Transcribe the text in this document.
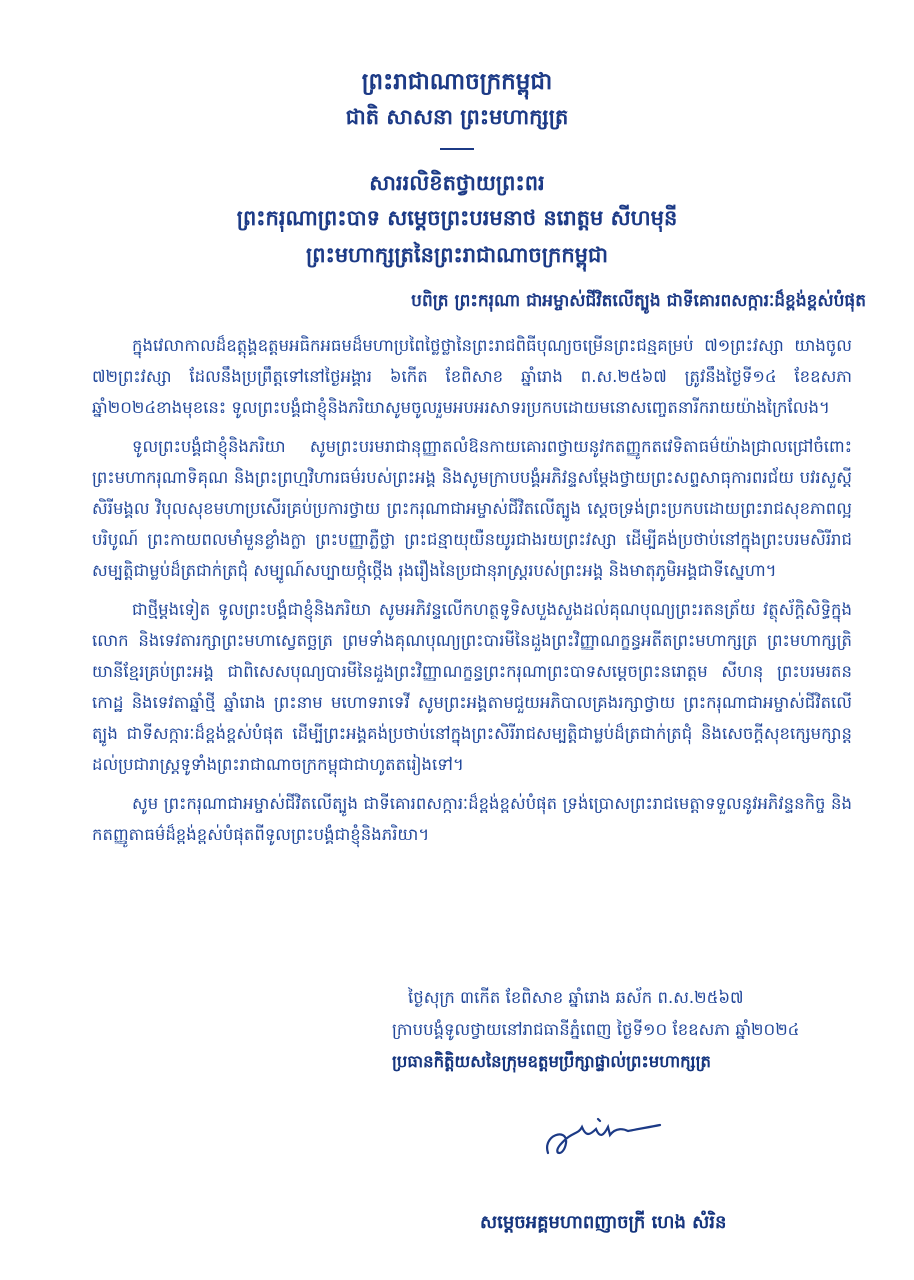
ព្រះរាជាណាចក្រកម្ពុជា
ជាតិ សាសនា ព្រះមហាក្សត្រ
សាររលិខិតថ្វាយព្រះពរ
ព្រះករុណាព្រះបាទ សម្ដេចព្រះបរមនាថ នរោត្តម សីហមុនី
ព្រះមហាក្សត្រនៃព្រះរាជាណាចក្រកម្ពុជា
បពិត្រ ព្រះករុណា ជាអម្ចាស់ជីវិតលើត្បូង ជាទីគោរពសក្ការៈដ៏ខ្ពង់ខ្ពស់បំផុត

ក្នុងវេលាកាលដ៏ឧត្ដុង្គឧត្ដមអធិកអធមដ៏មហាប្រពៃថ្លៃថ្លានៃព្រះរាជពិធីបុណ្យចម្រើនព្រះជន្មគម្រប់ ៧១ព្រះវស្សា យាងចូល ៧២ព្រះវស្សា ដែលនឹងប្រព្រឹត្តទៅនៅថ្ងៃអង្គារ ៦កើត ខែពិសាខ ឆ្នាំរោង ព.ស.២៥៦៧ ត្រូវនឹងថ្ងៃទី១៤ ខែឧសភា ឆ្នាំ២០២៤ខាងមុខនេះ ទូលព្រះបង្គំជាខ្ញុំនិងភរិយាសូមចូលរួមអបអរសាទរប្រកបដោយមនោសញ្ចេតនារីករាយយ៉ាងក្រៃលែង។

ទូលព្រះបង្គំជាខ្ញុំនិងភរិយា សូមព្រះបរមរាជានុញ្ញាតលំឱនកាយគោរពថ្វាយនូវកតញ្ញូកតវេទិតាធម៌យ៉ាងជ្រាលជ្រៅចំពោះព្រះមហាករុណាទិគុណ និងព្រះព្រហ្មវិហារធម៌របស់ព្រះអង្គ និងសូមក្រាបបង្គំអភិវន្ទសម្ដែងថ្វាយព្រះសព្ទសាធុការពរជ័យ បវរសួស្ដី សិរីមង្គល វិបុលសុខមហាប្រសើរគ្រប់ប្រការថ្វាយ ព្រះករុណាជាអម្ចាស់ជីវិតលើត្បូង ស្ដេចទ្រង់ព្រះប្រកបដោយព្រះរាជសុខភាពល្អបរិបូណ៍ ព្រះកាយពលមាំមួនខ្លាំងក្លា ព្រះបញ្ញាភ្លឺថ្លា ព្រះជន្មាយុយឺនយូរជាងរយព្រះវស្សា ដើម្បីគង់ប្រថាប់នៅក្នុងព្រះបរមសិរីរាជសម្បត្តិជាម្លប់ដ៏ត្រជាក់ត្រជុំ សម្បូណ៍សប្បាយថ្កុំថ្កើង រុងរឿងនៃប្រជានុរាស្ត្ររបស់ព្រះអង្គ និងមាតុភូមិអង្គជាទីស្នេហា។

ជាថ្មីម្ដងទៀត ទូលព្រះបង្គំជាខ្ញុំនិងភរិយា សូមអភិវន្ទលើកហត្ថទូទិសបួងសួងដល់គុណបុណ្យព្រះរតនត្រ័យ វត្ថុស័ក្ដិសិទ្ធិក្នុងលោក និងទេវតារក្សាព្រះមហាស្វេតច្ឆត្រ ព្រមទាំងគុណបុណ្យព្រះបារមីនៃដួងព្រះវិញ្ញាណក្ខន្ធអតីតព្រះមហាក្សត្រ ព្រះមហាក្សត្រិយានីខ្មែរគ្រប់ព្រះអង្គ ជាពិសេសបុណ្យបារមីនៃដួងព្រះវិញ្ញាណក្ខន្ធព្រះករុណាព្រះបាទសម្ដេចព្រះនរោត្តម សីហនុ ព្រះបរមរតនកោដ្ឋ និងទេវតាឆ្នាំថ្មី ឆ្នាំរោង ព្រះនាម មហោទរាទេវី សូមព្រះអង្គតាមជួយអភិបាលគ្រងរក្សាថ្វាយ ព្រះករុណាជាអម្ចាស់ជីវិតលើត្បូង ជាទីសក្ការៈដ៏ខ្ពង់ខ្ពស់បំផុត ដើម្បីព្រះអង្គគង់ប្រថាប់នៅក្នុងព្រះសិរីរាជសម្បត្តិជាម្លប់ដ៏ត្រជាក់ត្រជុំ និងសេចក្ដីសុខក្សេមក្សាន្តដល់ប្រជារាស្ត្រទូទាំងព្រះរាជាណាចក្រកម្ពុជាជាហូតតរៀងទៅ។

សូម ព្រះករុណាជាអម្ចាស់ជីវិតលើត្បូង ជាទីគោរពសក្ការៈដ៏ខ្ពង់ខ្ពស់បំផុត ទ្រង់ប្រោសព្រះរាជមេត្តាទទួលនូវអភិវន្ទនកិច្ច និងកតញ្ញូតាធម៌ដ៏ខ្ពង់ខ្ពស់បំផុតពីទូលព្រះបង្គំជាខ្ញុំនិងភរិយា។

ថ្ងៃសុក្រ ៣កើត ខែពិសាខ ឆ្នាំរោង ឆស័ក ព.ស.២៥៦៧
ក្រាបបង្គំទូលថ្វាយនៅរាជធានីភ្នំពេញ ថ្ងៃទី១០ ខែឧសភា ឆ្នាំ២០២៤
ប្រធានកិត្តិយសនៃក្រុមឧត្តមប្រឹក្សាផ្ទាល់ព្រះមហាក្សត្រ
សម្ដេចអគ្គមហាពញាចក្រី ហេង សំរិន
